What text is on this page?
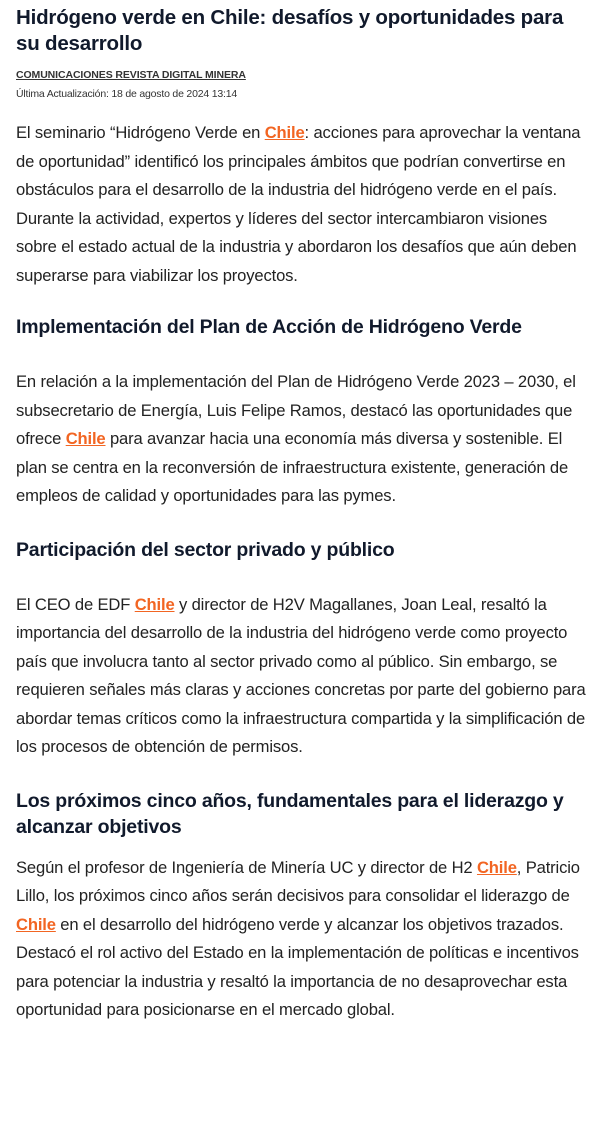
Hidrógeno verde en Chile: desafíos y oportunidades para su desarrollo
COMUNICACIONES REVISTA DIGITAL MINERA
Última Actualización: 18 de agosto de 2024 13:14

El seminario “Hidrógeno Verde en Chile: acciones para aprovechar la ventana de oportunidad” identificó los principales ámbitos que podrían convertirse en obstáculos para el desarrollo de la industria del hidrógeno verde en el país. Durante la actividad, expertos y líderes del sector intercambiaron visiones sobre el estado actual de la industria y abordaron los desafíos que aún deben superarse para viabilizar los proyectos.

Implementación del Plan de Acción de Hidrógeno Verde

En relación a la implementación del Plan de Hidrógeno Verde 2023 – 2030, el subsecretario de Energía, Luis Felipe Ramos, destacó las oportunidades que ofrece Chile para avanzar hacia una economía más diversa y sostenible. El plan se centra en la reconversión de infraestructura existente, generación de empleos de calidad y oportunidades para las pymes.

Participación del sector privado y público

El CEO de EDF Chile y director de H2V Magallanes, Joan Leal, resaltó la importancia del desarrollo de la industria del hidrógeno verde como proyecto país que involucra tanto al sector privado como al público. Sin embargo, se requieren señales más claras y acciones concretas por parte del gobierno para abordar temas críticos como la infraestructura compartida y la simplificación de los procesos de obtención de permisos.

Los próximos cinco años, fundamentales para el liderazgo y alcanzar objetivos

Según el profesor de Ingeniería de Minería UC y director de H2 Chile, Patricio Lillo, los próximos cinco años serán decisivos para consolidar el liderazgo de Chile en el desarrollo del hidrógeno verde y alcanzar los objetivos trazados. Destacó el rol activo del Estado en la implementación de políticas e incentivos para potenciar la industria y resaltó la importancia de no desaprovechar esta oportunidad para posicionarse en el mercado global.
